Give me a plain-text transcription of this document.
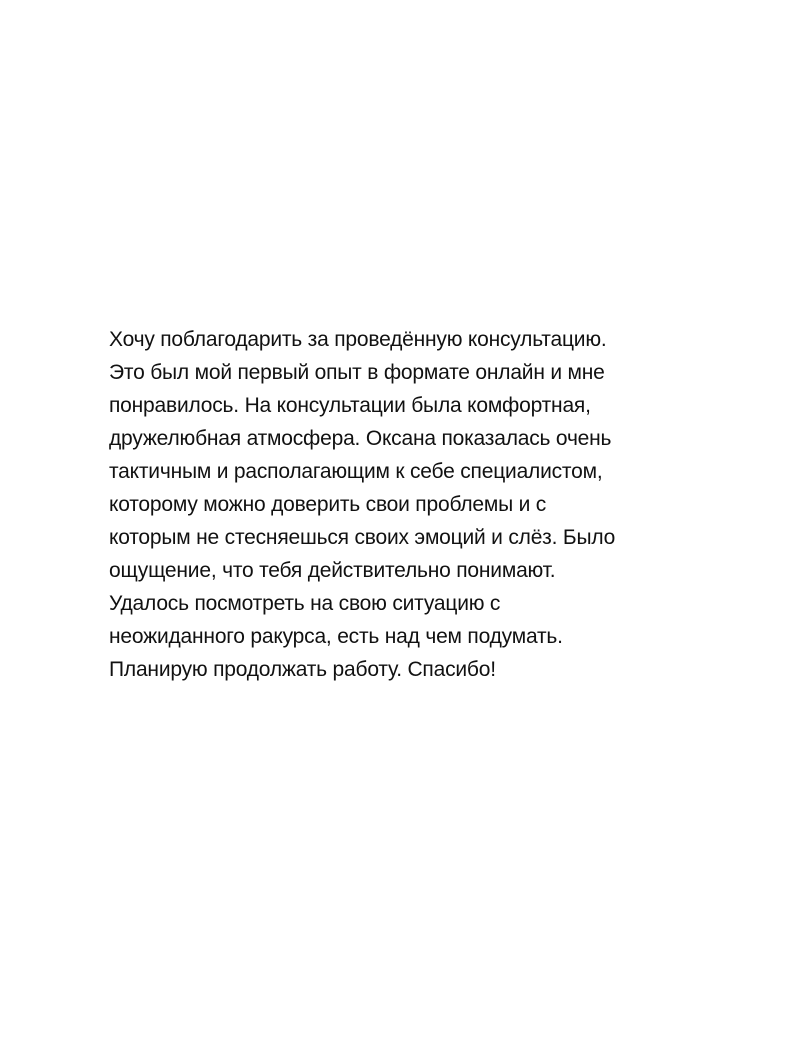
Хочу поблагодарить за проведённую консультацию.
Это был мой первый опыт в формате онлайн и мне
понравилось. На консультации была комфортная,
дружелюбная атмосфера. Оксана показалась очень
тактичным и располагающим к себе специалистом,
которому можно доверить свои проблемы и с
которым не стесняешься своих эмоций и слёз. Было
ощущение, что тебя действительно понимают.
Удалось посмотреть на свою ситуацию с
неожиданного ракурса, есть над чем подумать.
Планирую продолжать работу. Спасибо!
